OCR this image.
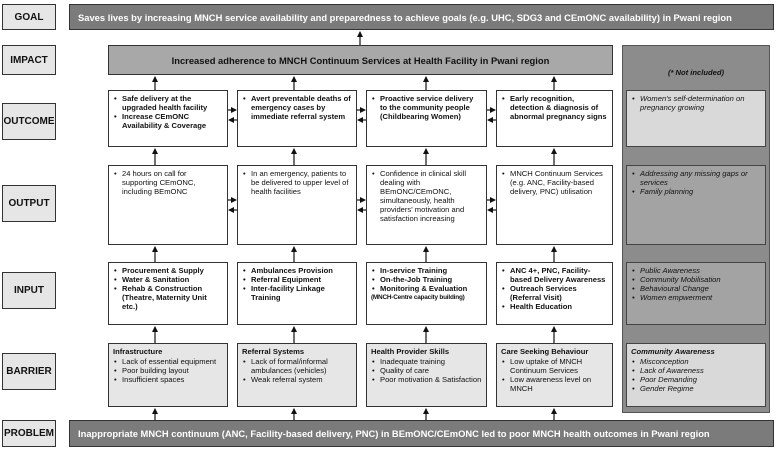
GOAL
IMPACT
OUTCOME
OUTPUT
INPUT
BARRIER
PROBLEM
Saves lives by increasing MNCH service availability and preparedness to achieve goals (e.g. UHC, SDG3 and CEmONC availability) in Pwani region
Increased adherence to MNCH Continuum Services at Health Facility in Pwani region
Inappropriate MNCH continuum (ANC, Facility-based delivery, PNC) in BEmONC/CEmONC led to poor MNCH health outcomes in Pwani region
(* Not included)
• Safe delivery at the upgraded health facility
• Increase CEmONC Availability & Coverage
• Avert preventable deaths of emergency cases by immediate referral system
• Proactive service delivery to the community people (Childbearing Women)
• Early recognition, detection & diagnosis of abnormal pregnancy signs
• Women's self-determination on pregnancy growing
• 24 hours on call for supporting CEmONC, including BEmONC
• In an emergency, patients to be delivered to upper level of health facilities
• Confidence in clinical skill dealing with BEmONC/CEmONC, simultaneously, health providers' motivation and satisfaction increasing
• MNCH Continuum Services (e.g. ANC, Facility-based delivery, PNC) utilisation
• Addressing any missing gaps or services
• Family planning
• Procurement & Supply
• Water & Sanitation
• Rehab & Construction (Theatre, Maternity Unit etc.)
• Ambulances Provision
• Referral Equipment
• Inter-facility Linkage Training
• In-service Training
• On-the-Job Training
• Monitoring & Evaluation
(MNCH-Centre capacity building)
• ANC 4+, PNC, Facility-based Delivery Awareness
• Outreach Services (Referral Visit)
• Health Education
• Public Awareness
• Community Mobilisation
• Behavioural Change
• Women empwerment
Infrastructure
• Lack of essential equipment
• Poor building layout
• Insufficient spaces
Referral Systems
• Lack of formal/informal ambulances (vehicles)
• Weak referral system
Health Provider Skills
• Inadequate training
• Quality of care
• Poor motivation & Satisfaction
Care Seeking Behaviour
• Low uptake of MNCH Continuum Services
• Low awareness level on MNCH
Community Awareness
• Misconception
• Lack of Awareness
• Poor Demanding
• Gender Regime
